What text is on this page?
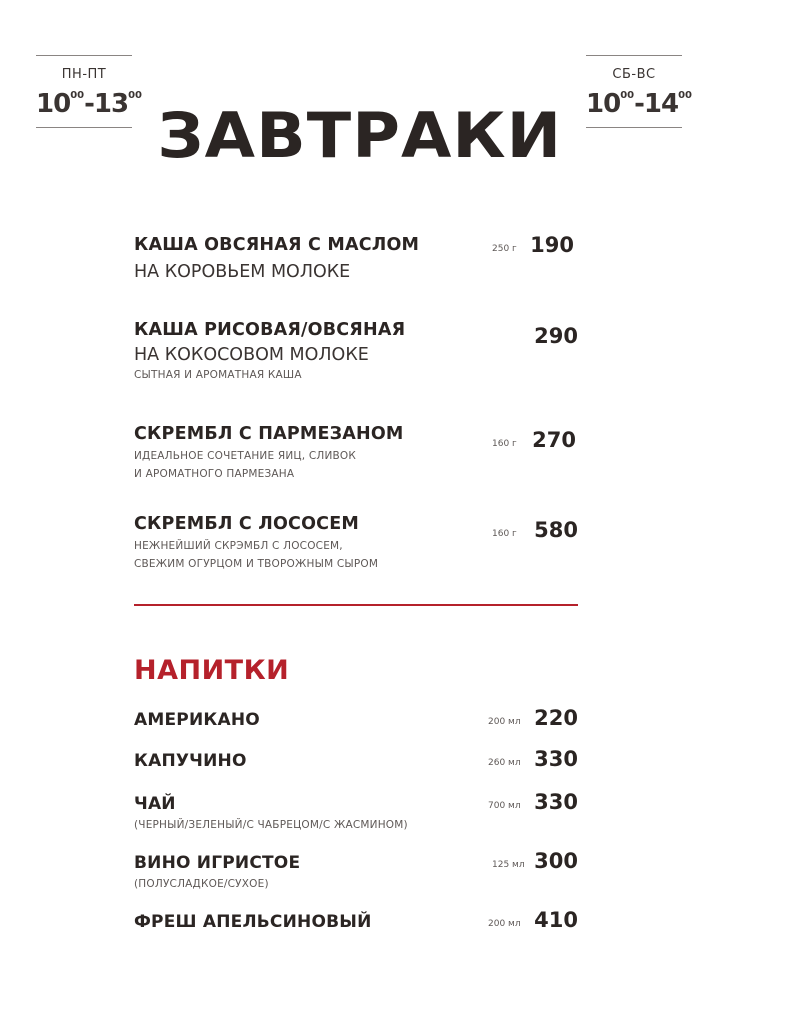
ПН-ПТ
$10^{00}-13^{00}$
СБ-ВС
$10^{00}-14^{00}$
ЗАВТРАКИ
КАША ОВСЯНАЯ С МАСЛОМ
НА КОРОВЬЕМ МОЛОКЕ
250 г 190
КАША РИСОВАЯ/ОВСЯНАЯ
НА КОКОСОВОМ МОЛОКЕ
СЫТНАЯ И АРОМАТНАЯ КАША
290
СКРЕМБЛ С ПАРМЕЗАНОМ
ИДЕАЛЬНОЕ СОЧЕТАНИЕ ЯИЦ, СЛИВОК
И АРОМАТНОГО ПАРМЕЗАНА
160 г 270
СКРЕМБЛ С ЛОСОСЕМ
НЕЖНЕЙШИЙ СКРЭМБЛ С ЛОСОСЕМ,
СВЕЖИМ ОГУРЦОМ И ТВОРОЖНЫМ СЫРОМ
160 г 580
НАПИТКИ
АМЕРИКАНО	200 мл 220
КАПУЧИНО	260 мл 330
ЧАЙ
(ЧЕРНЫЙ/ЗЕЛЕНЫЙ/С ЧАБРЕЦОМ/С ЖАСМИНОМ)
700 мл 330
ВИНО ИГРИСТОЕ
(ПОЛУСЛАДКОЕ/СУХОЕ)
125 мл 300
ФРЕШ АПЕЛЬСИНОВЫЙ	200 мл 410
